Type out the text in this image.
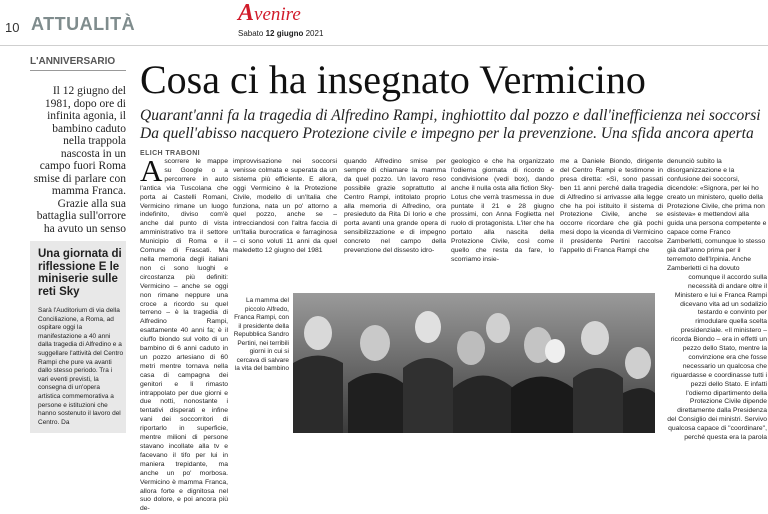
10 ATTUALITÀ	Avenire
Sabato 12 giugno 2021
L'ANNIVERSARIO
Il 12 giugno del 1981, dopo ore di infinita agonia, il bambino caduto nella trappola nascosta in un campo fuori Roma smise di parlare con mamma Franca. Grazie alla sua battaglia sull'orrore ha avuto un senso
Una giornata di riflessione E le miniserie sulle reti Sky
Sarà l'Auditorium di via della Conciliazione, a Roma, ad ospitare oggi la manifestazione a 40 anni dalla tragedia di Alfredino e a suggellare l'attività del Centro Rampi che pure va avanti dallo stesso periodo. Tra i vari eventi previsti, la consegna di un'opera artistica commemorativa a persone e istituzioni che hanno sostenuto il lavoro del Centro. Da
Cosa ci ha insegnato Vermicino
Quarant'anni fa la tragedia di Alfredino Rampi, inghiottito dal pozzo e dall'inefficienza nei soccorsi Da quell'abisso nacquero Protezione civile e impegno per la prevenzione. Una sfida ancora aperta
ELICH TRABONI
Ascorrere le mappe su Google o a percorrere in auto l'antica via Tuscolana che porta ai Castelli Romani, Vermicino rimane un luogo indefinito, diviso com'è anche dal punto di vista amministrativo tra il settore Municipio di Roma e il Comune di Frascati. Ma nella memoria degli italiani non ci sono luoghi e circostanza più definiti: Vermicino – anche se oggi non rimane neppure una croce a ricordo su quel terreno – è la tragedia di Alfredino Rampi, esattamente 40 anni fa; è il ciuffo biondo sul volto di un bambino di 6 anni caduto in un pozzo artesiano di 60 metri mentre tornava nella casa di campagna dei genitori e lì rimasto intrappolato per due giorni e due notti, nonostante i tentativi disperati e infine vani dei soccorritori di riportarlo in superficie, mentre milioni di persone stavano incollate alla tv e facevano il tifo per lui in maniera trepidante, ma anche un po' morbosa. Vermicino è mamma Franca, allora forte e dignitosa nel suo dolore, e poi ancora più de-
improvvisazione nei soccorsi venisse colmata e superata da un sistema più efficiente. E allora, oggi Vermicino è la Protezione Civile, modello di un'Italia che funziona, nata un po' attorno a quel pozzo, anche se – intrecciandosi con l'altra faccia di un'Italia burocratica e farraginosa – ci sono voluti 11 anni da quel maledetto 12 giugno del 1981
quando Alfredino smise per sempre di chiamare la mamma da quel pozzo. Un lavoro reso possibile grazie soprattutto al Centro Rampi, intitolato proprio alla memoria di Alfredino, ora presieduto da Rita Di Iorio e che porta avanti una grande opera di sensibilizzazione e di impegno concreto nel campo della prevenzione del dissesto idro-
geologico e che ha organizzato l'odierna giornata di ricordo e condivisione (vedi box), dando anche il nulla osta alla fiction Sky-Lotus che verrà trasmessa in due puntate il 21 e 28 giugno prossimi, con Anna Foglietta nel ruolo di protagonista. L'iter che ha portato alla nascita della Protezione Civile, così come quello che resta da fare, lo scorriamo insie-
me a Daniele Biondo, dirigente del Centro Rampi e testimone in presa diretta: «Sì, sono passati ben 11 anni perché dalla tragedia di Alfredino si arrivasse alla legge che ha poi istituito il sistema di Protezione Civile, anche se occorre ricordare che già pochi mesi dopo la vicenda di Vermicino il presidente Pertini raccolse l'appello di Franca Rampi che
denunciò subito la disorganizzazione e la confusione dei soccorsi, dicendole: «Signora, per lei ho creato un ministero, quello della Protezione Civile, che prima non esisteva» e mettendovi alla guida una persona competente e capace come Franco Zamberletti, comunque lo stesso già dall'anno prima per il terremoto dell'Irpinia. Anche Zamberletti ci ha dovuto
comunque il accordo sulla necessità di andare oltre il Ministero e lui e Franca Rampi dicevano vita ad un sodalizio testardo e convinto per rimodulare quella scelta presidenziale. «Il ministero – ricorda Biondo – era in effetti un pezzo dello Stato, mentre la convinzione era che fosse necessario un qualcosa che riguardasse e coordinasse tutti i pezzi dello Stato. E infatti l'odierno dipartimento della Protezione Civile dipende direttamente dalla Presidenza del Consiglio dei ministri. Servivo qualcosa capace di "coordinare", perché questa era la parola
La mamma del piccolo Alfredo, Franca Rampi, con il presidente della Repubblica Sandro Pertini, nei terribili giorni in cui si cercava di salvare la vita del bambino
